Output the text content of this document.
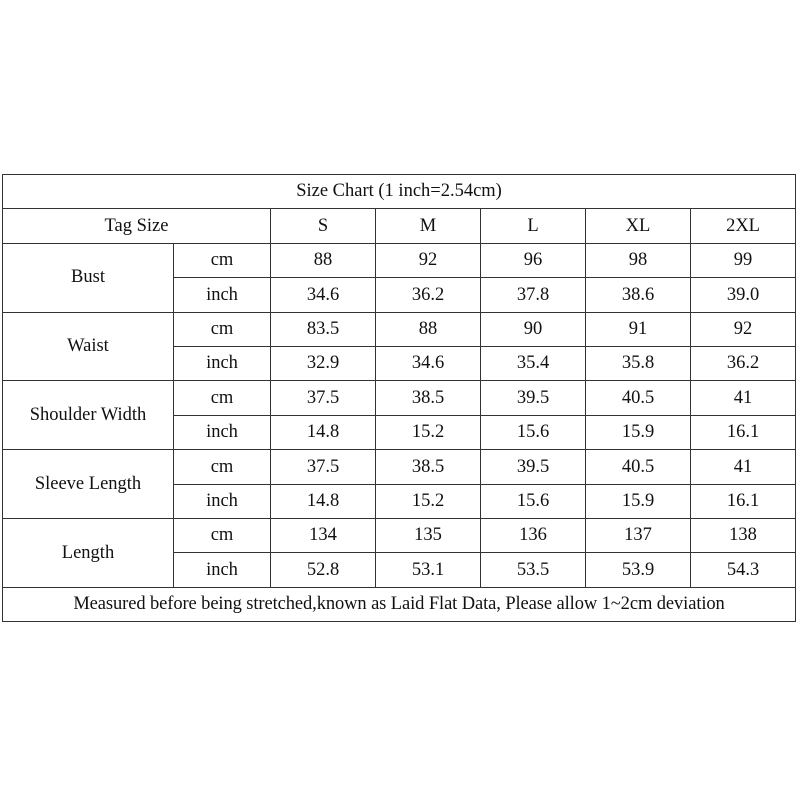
Size Chart (1 inch=2.54cm)						
Tag Size		S	M	L	XL	2XL
Bust	cm	88	92	96	98	99
	inch	34.6	36.2	37.8	38.6	39.0
Waist	cm	83.5	88	90	91	92
	inch	32.9	34.6	35.4	35.8	36.2
Shoulder Width	cm	37.5	38.5	39.5	40.5	41
	inch	14.8	15.2	15.6	15.9	16.1
Sleeve Length	cm	37.5	38.5	39.5	40.5	41
	inch	14.8	15.2	15.6	15.9	16.1
Length	cm	134	135	136	137	138
	inch	52.8	53.1	53.5	53.9	54.3
Measured before being stretched,known as Laid Flat Data, Please allow 1~2cm deviation						
